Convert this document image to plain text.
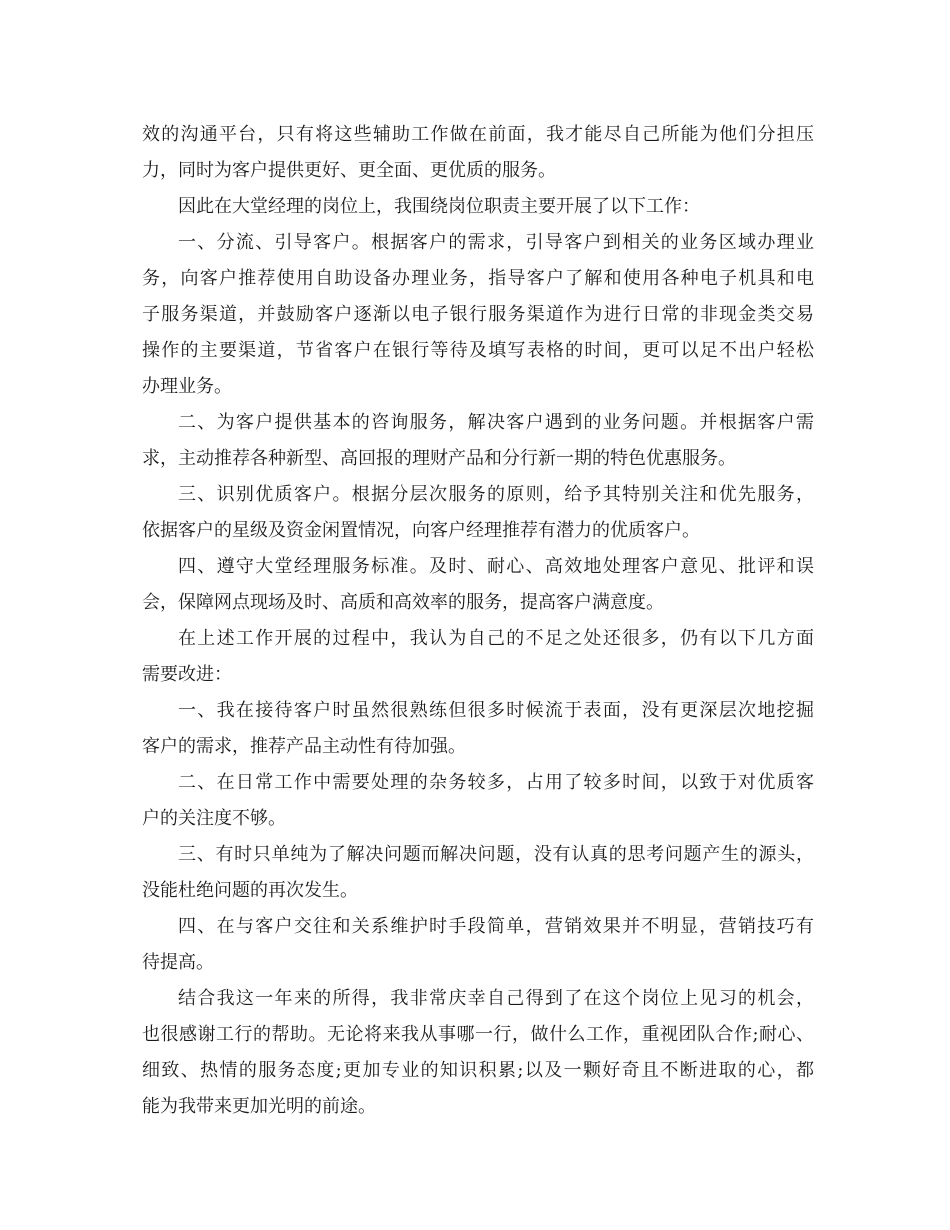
效的沟通平台，只有将这些辅助工作做在前面，我才能尽自己所能为他们分担压
力，同时为客户提供更好、更全面、更优质的服务。
因此在大堂经理的岗位上，我围绕岗位职责主要开展了以下工作：
一、分流、引导客户。根据客户的需求，引导客户到相关的业务区域办理业
务，向客户推荐使用自助设备办理业务，指导客户了解和使用各种电子机具和电
子服务渠道，并鼓励客户逐渐以电子银行服务渠道作为进行日常的非现金类交易
操作的主要渠道，节省客户在银行等待及填写表格的时间，更可以足不出户轻松
办理业务。
二、为客户提供基本的咨询服务，解决客户遇到的业务问题。并根据客户需
求，主动推荐各种新型、高回报的理财产品和分行新一期的特色优惠服务。
三、识别优质客户。根据分层次服务的原则，给予其特别关注和优先服务，
依据客户的星级及资金闲置情况，向客户经理推荐有潜力的优质客户。
四、遵守大堂经理服务标准。及时、耐心、高效地处理客户意见、批评和误
会，保障网点现场及时、高质和高效率的服务，提高客户满意度。
在上述工作开展的过程中，我认为自己的不足之处还很多，仍有以下几方面
需要改进：
一、我在接待客户时虽然很熟练但很多时候流于表面，没有更深层次地挖掘
客户的需求，推荐产品主动性有待加强。
二、在日常工作中需要处理的杂务较多，占用了较多时间，以致于对优质客
户的关注度不够。
三、有时只单纯为了解决问题而解决问题，没有认真的思考问题产生的源头，
没能杜绝问题的再次发生。
四、在与客户交往和关系维护时手段简单，营销效果并不明显，营销技巧有
待提高。
结合我这一年来的所得，我非常庆幸自己得到了在这个岗位上见习的机会，
也很感谢工行的帮助。无论将来我从事哪一行，做什么工作，重视团队合作;耐心、
细致、热情的服务态度;更加专业的知识积累;以及一颗好奇且不断进取的心，都
能为我带来更加光明的前途。
